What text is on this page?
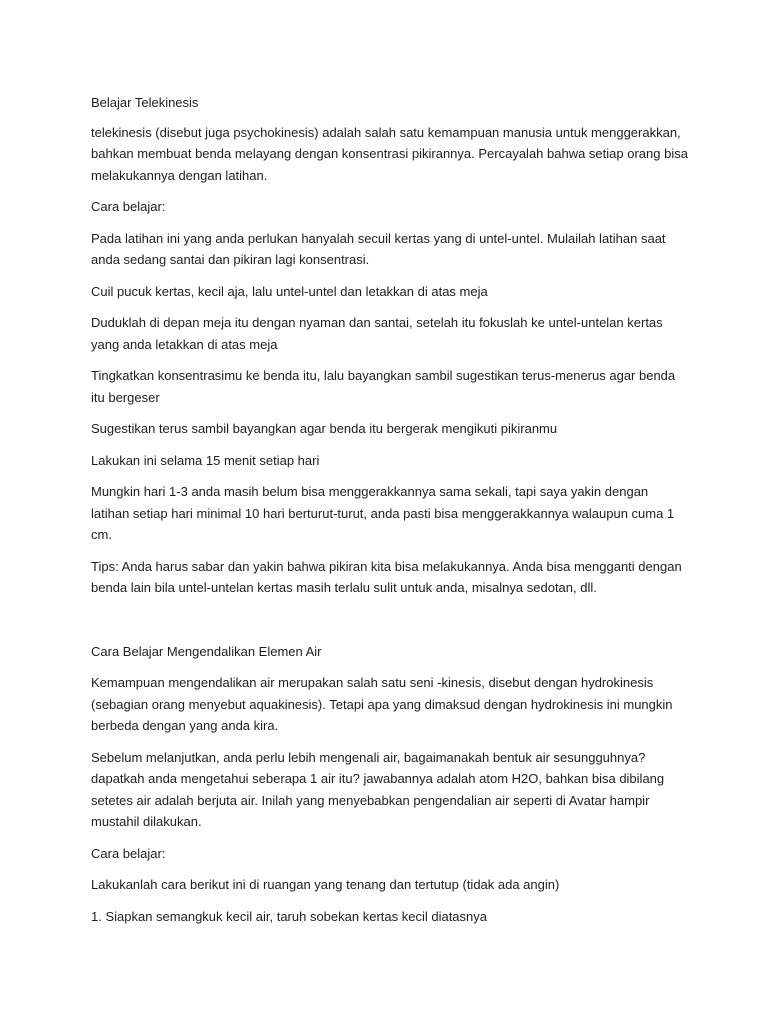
Belajar Telekinesis

telekinesis (disebut juga psychokinesis) adalah salah satu kemampuan manusia untuk menggerakkan, bahkan membuat benda melayang dengan konsentrasi pikirannya. Percayalah bahwa setiap orang bisa melakukannya dengan latihan.

Cara belajar:

Pada latihan ini yang anda perlukan hanyalah secuil kertas yang di untel-untel. Mulailah latihan saat anda sedang santai dan pikiran lagi konsentrasi.

Cuil pucuk kertas, kecil aja, lalu untel-untel dan letakkan di atas meja

Duduklah di depan meja itu dengan nyaman dan santai, setelah itu fokuslah ke untel-untelan kertas yang anda letakkan di atas meja

Tingkatkan konsentrasimu ke benda itu, lalu bayangkan sambil sugestikan terus-menerus agar benda itu bergeser

Sugestikan terus sambil bayangkan agar benda itu bergerak mengikuti pikiranmu

Lakukan ini selama 15 menit setiap hari

Mungkin hari 1-3 anda masih belum bisa menggerakkannya sama sekali, tapi saya yakin dengan latihan setiap hari minimal 10 hari berturut-turut, anda pasti bisa menggerakkannya walaupun cuma 1 cm.

Tips: Anda harus sabar dan yakin bahwa pikiran kita bisa melakukannya. Anda bisa mengganti dengan benda lain bila untel-untelan kertas masih terlalu sulit untuk anda, misalnya sedotan, dll.

Cara Belajar Mengendalikan Elemen Air

Kemampuan mengendalikan air merupakan salah satu seni -kinesis, disebut dengan hydrokinesis (sebagian orang menyebut aquakinesis). Tetapi apa yang dimaksud dengan hydrokinesis ini mungkin berbeda dengan yang anda kira.

Sebelum melanjutkan, anda perlu lebih mengenali air, bagaimanakah bentuk air sesungguhnya? dapatkah anda mengetahui seberapa 1 air itu? jawabannya adalah atom H2O, bahkan bisa dibilang setetes air adalah berjuta air. Inilah yang menyebabkan pengendalian air seperti di Avatar hampir mustahil dilakukan.

Cara belajar:

Lakukanlah cara berikut ini di ruangan yang tenang dan tertutup (tidak ada angin)

1. Siapkan semangkuk kecil air, taruh sobekan kertas kecil diatasnya
